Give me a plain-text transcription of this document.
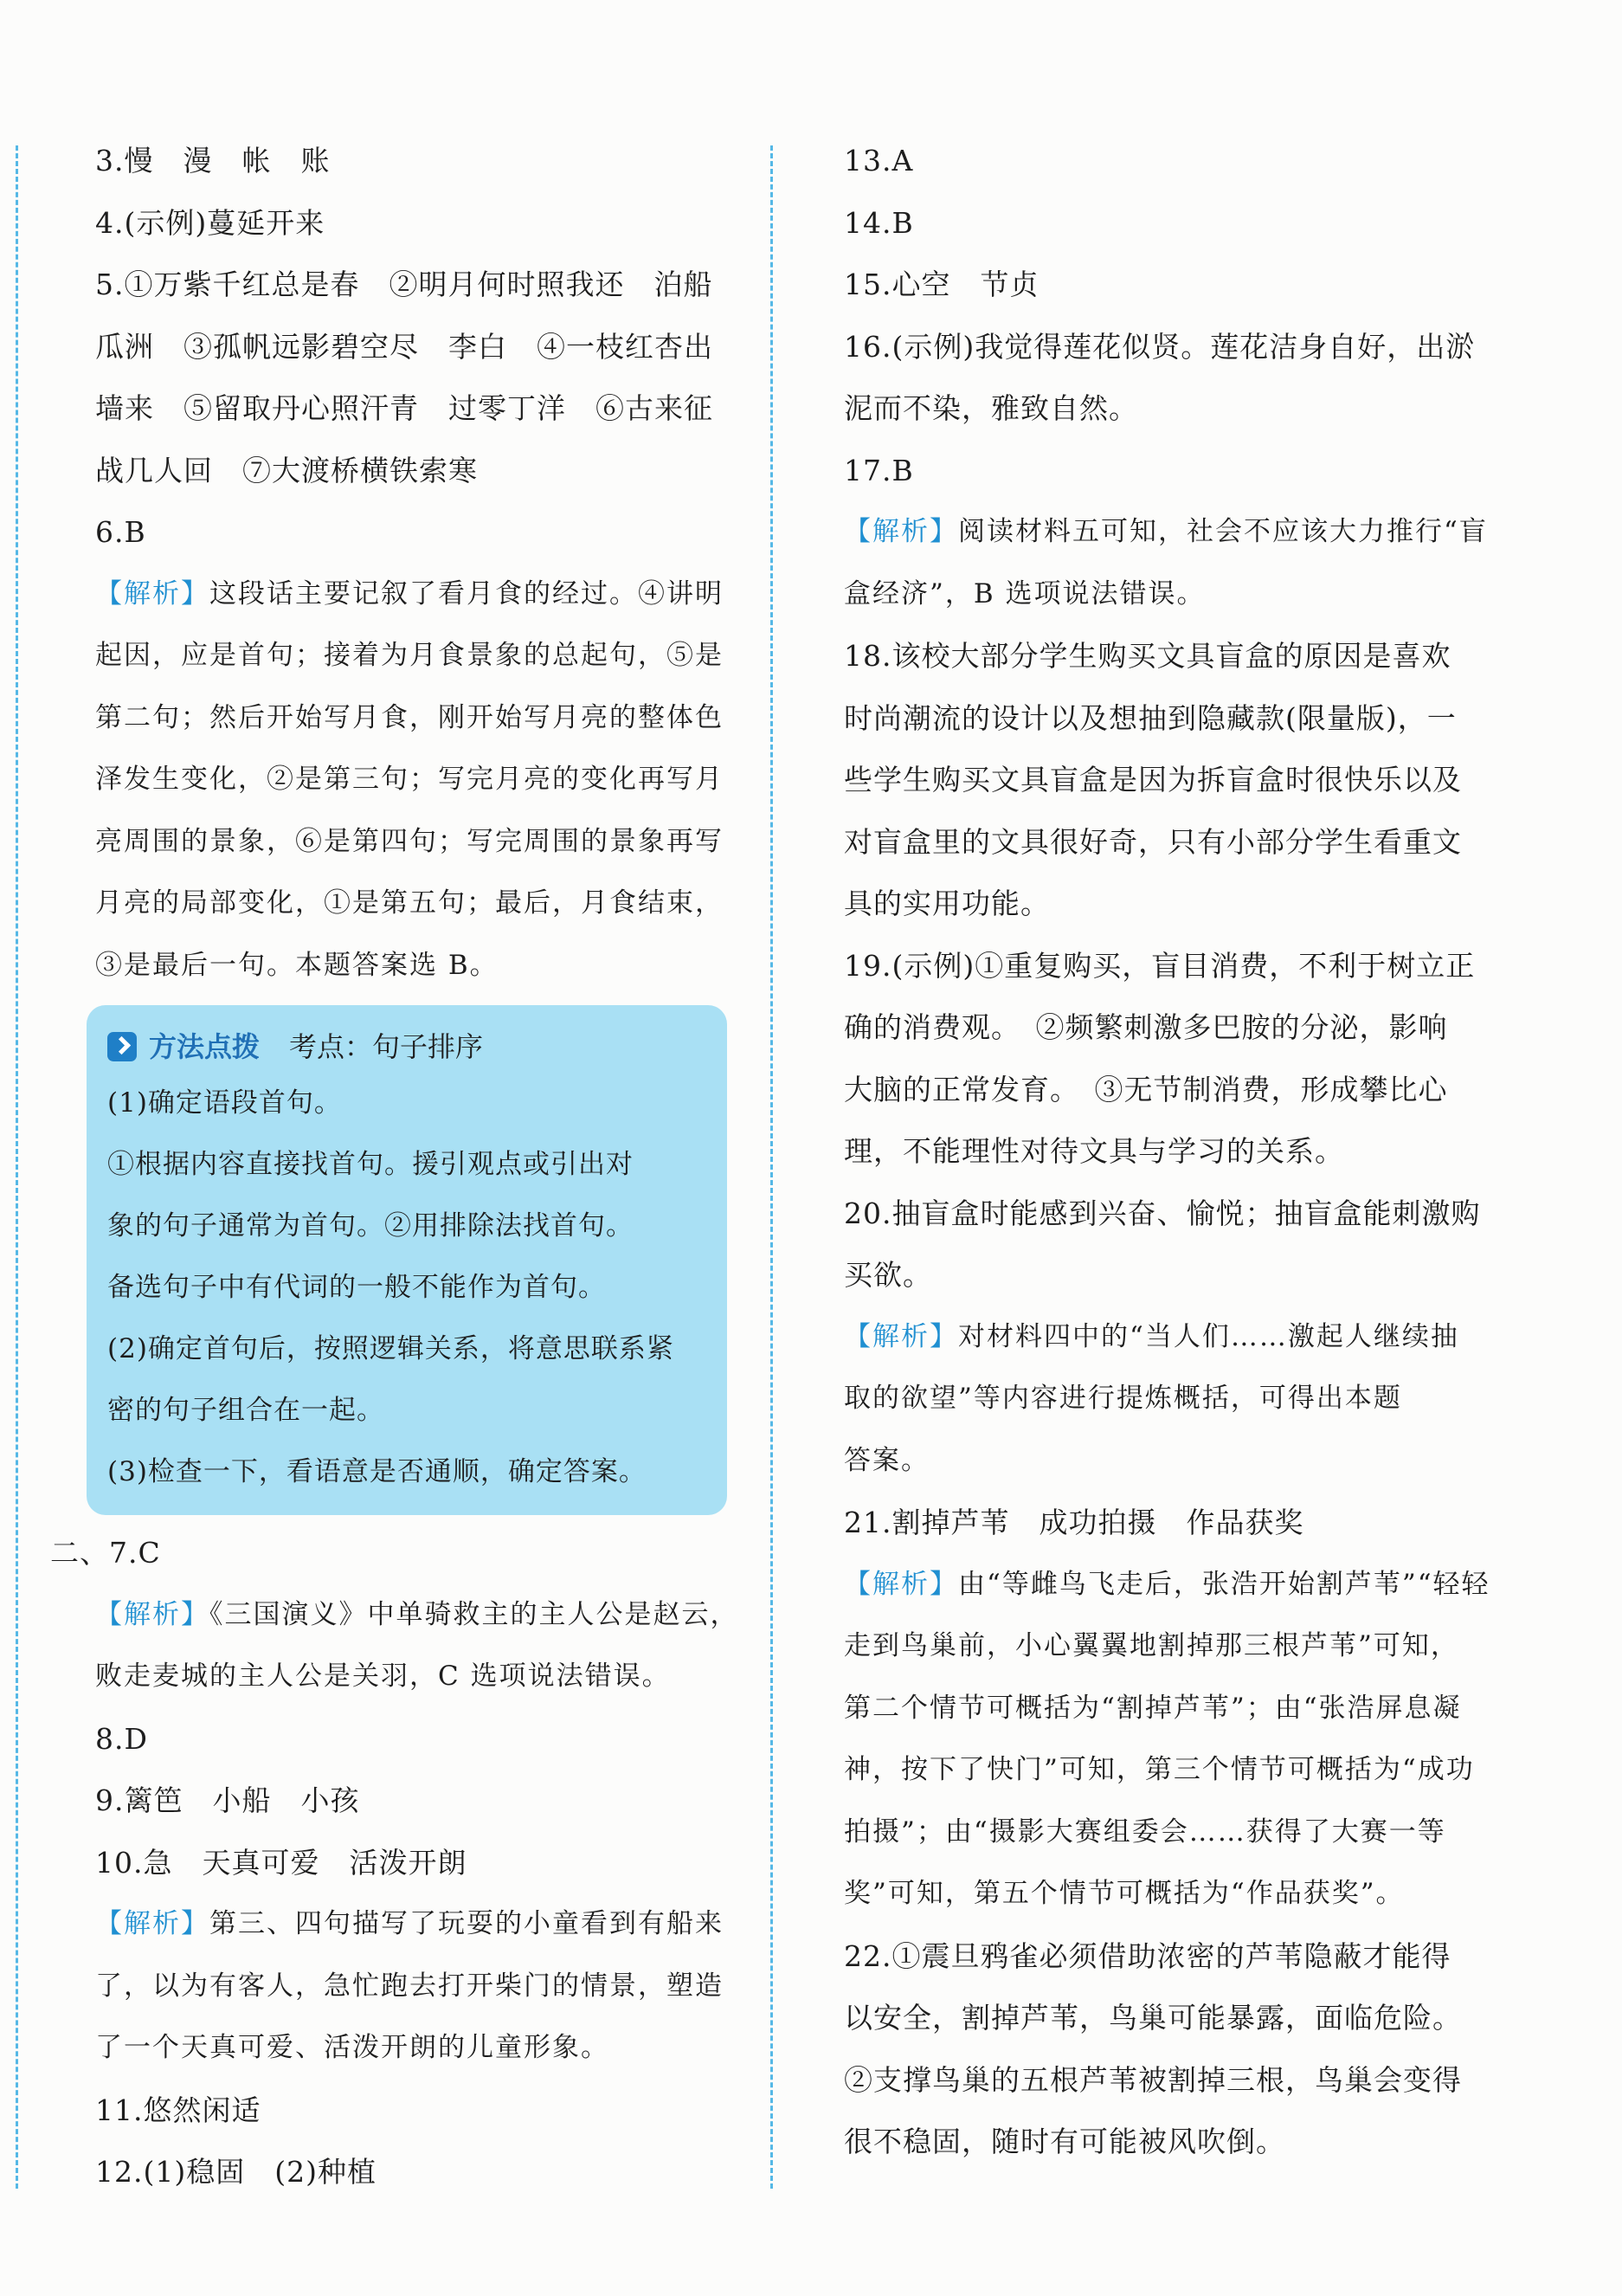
3.慢　漫　帐　账
4.(示例)蔓延开来
5.①万紫千红总是春　②明月何时照我还　泊船
瓜洲　③孤帆远影碧空尽　李白　④一枝红杏出
墙来　⑤留取丹心照汗青　过零丁洋　⑥古来征
战几人回　⑦大渡桥横铁索寒
6.B
【解析】这段话主要记叙了看月食的经过。④讲明
起因，应是首句；接着为月食景象的总起句，⑤是
第二句；然后开始写月食，刚开始写月亮的整体色
泽发生变化，②是第三句；写完月亮的变化再写月
亮周围的景象，⑥是第四句；写完周围的景象再写
月亮的局部变化，①是第五句；最后，月食结束，
③是最后一句。本题答案选 B。
方法点拨 考点：句子排序
(1)确定语段首句。
①根据内容直接找首句。援引观点或引出对
象的句子通常为首句。②用排除法找首句。
备选句子中有代词的一般不能作为首句。
(2)确定首句后，按照逻辑关系，将意思联系紧
密的句子组合在一起。
(3)检查一下，看语意是否通顺，确定答案。
二、7.C
【解析】《三国演义》中单骑救主的主人公是赵云，
败走麦城的主人公是关羽，C 选项说法错误。
8.D
9.篱笆　小船　小孩
10.急　天真可爱　活泼开朗
【解析】第三、四句描写了玩耍的小童看到有船来
了，以为有客人，急忙跑去打开柴门的情景，塑造
了一个天真可爱、活泼开朗的儿童形象。
11.悠然闲适
12.(1)稳固　(2)种植
13.A
14.B
15.心空　节贞
16.(示例)我觉得莲花似贤。莲花洁身自好，出淤
泥而不染，雅致自然。
17.B
【解析】阅读材料五可知，社会不应该大力推行“盲
盒经济”，B 选项说法错误。
18.该校大部分学生购买文具盲盒的原因是喜欢
时尚潮流的设计以及想抽到隐藏款(限量版)，一
些学生购买文具盲盒是因为拆盲盒时很快乐以及
对盲盒里的文具很好奇，只有小部分学生看重文
具的实用功能。
19.(示例)①重复购买，盲目消费，不利于树立正
确的消费观。　②频繁刺激多巴胺的分泌，影响
大脑的正常发育。　③无节制消费，形成攀比心
理，不能理性对待文具与学习的关系。
20.抽盲盒时能感到兴奋、愉悦；抽盲盒能刺激购
买欲。
【解析】对材料四中的“当人们……激起人继续抽
取的欲望”等内容进行提炼概括，可得出本题
答案。
21.割掉芦苇　成功拍摄　作品获奖
【解析】由“等雌鸟飞走后，张浩开始割芦苇”“轻轻
走到鸟巢前，小心翼翼地割掉那三根芦苇”可知，
第二个情节可概括为“割掉芦苇”；由“张浩屏息凝
神，按下了快门”可知，第三个情节可概括为“成功
拍摄”；由“摄影大赛组委会……获得了大赛一等
奖”可知，第五个情节可概括为“作品获奖”。
22.①震旦鸦雀必须借助浓密的芦苇隐蔽才能得
以安全，割掉芦苇，鸟巢可能暴露，面临危险。
②支撑鸟巢的五根芦苇被割掉三根，鸟巢会变得
很不稳固，随时有可能被风吹倒。
